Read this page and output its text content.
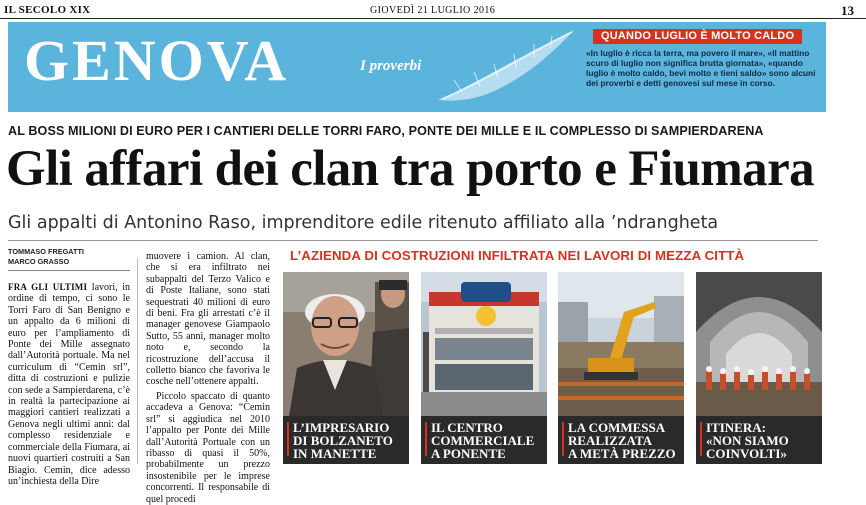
IL SECOLO XIX	GIOVEDÌ 21 LUGLIO 2016	13
GENOVA	I proverbi
QUANDO LUGLIO È MOLTO CALDO
«In luglio è ricca la terra, ma povero il mare», «Il mattino scuro di luglio non significa brutta giornata», «quando luglio è molto caldo, bevi molto e tieni saldo» sono alcuni dei proverbi e detti genovesi sul mese in corso.
AL BOSS MILIONI DI EURO PER I CANTIERI DELLE TORRI FARO, PONTE DEI MILLE E IL COMPLESSO DI SAMPIERDARENA
Gli affari dei clan tra porto e Fiumara
Gli appalti di Antonino Raso, imprenditore edile ritenuto affiliato alla ’ndrangheta
TOMMASO FREGATTI
MARCO GRASSO

FRA GLI ULTIMI lavori, in ordine di tempo, ci sono le Torri Faro di San Benigno e un appalto da 6 milioni di euro per l’ampliamento di Ponte dei Mille assegnato dall’Autorità portuale. Ma nel curriculum di “Cemin srl”, ditta di costruzioni e pulizie con sede a Sampierdarena, c’è in realtà la partecipazione ai maggiori cantieri realizzati a Genova negli ultimi anni: dal complesso residenziale e commerciale della Fiumara, ai nuovi quartieri costruiti a San Biagio. Cemin, dice adesso un’inchiesta della Dire

muovere i camion. Al clan, che si era infiltrato nei subappalti del Terzo Valico e di Poste Italiane, sono stati sequestrati 40 milioni di euro di beni. Fra gli arrestati c’è il manager genovese Giampaolo Sutto, 55 anni, manager molto noto e, secondo la ricostruzione dell’accusa il colletto bianco che favoriva le cosche nell’ottenere appalti.

Piccolo spaccato di quanto accadeva a Genova: “Cemin srl” si aggiudica nel 2010 l’appalto per Ponte dei Mille dall’Autorità Portuale con un ribasso di quasi il 50%, probabilmente un prezzo insostenibile per le imprese concorrenti. Il responsabile di quel procedi

L’AZIENDA DI COSTRUZIONI INFILTRATA NEI LAVORI DI MEZZA CITTÀ
L’IMPRESARIO
DI BOLZANETO
IN MANETTE
IL CENTRO
COMMERCIALE
A PONENTE
LA COMMESSA
REALIZZATA
A METÀ PREZZO
ITINERA:
«NON SIAMO
COINVOLTI»
